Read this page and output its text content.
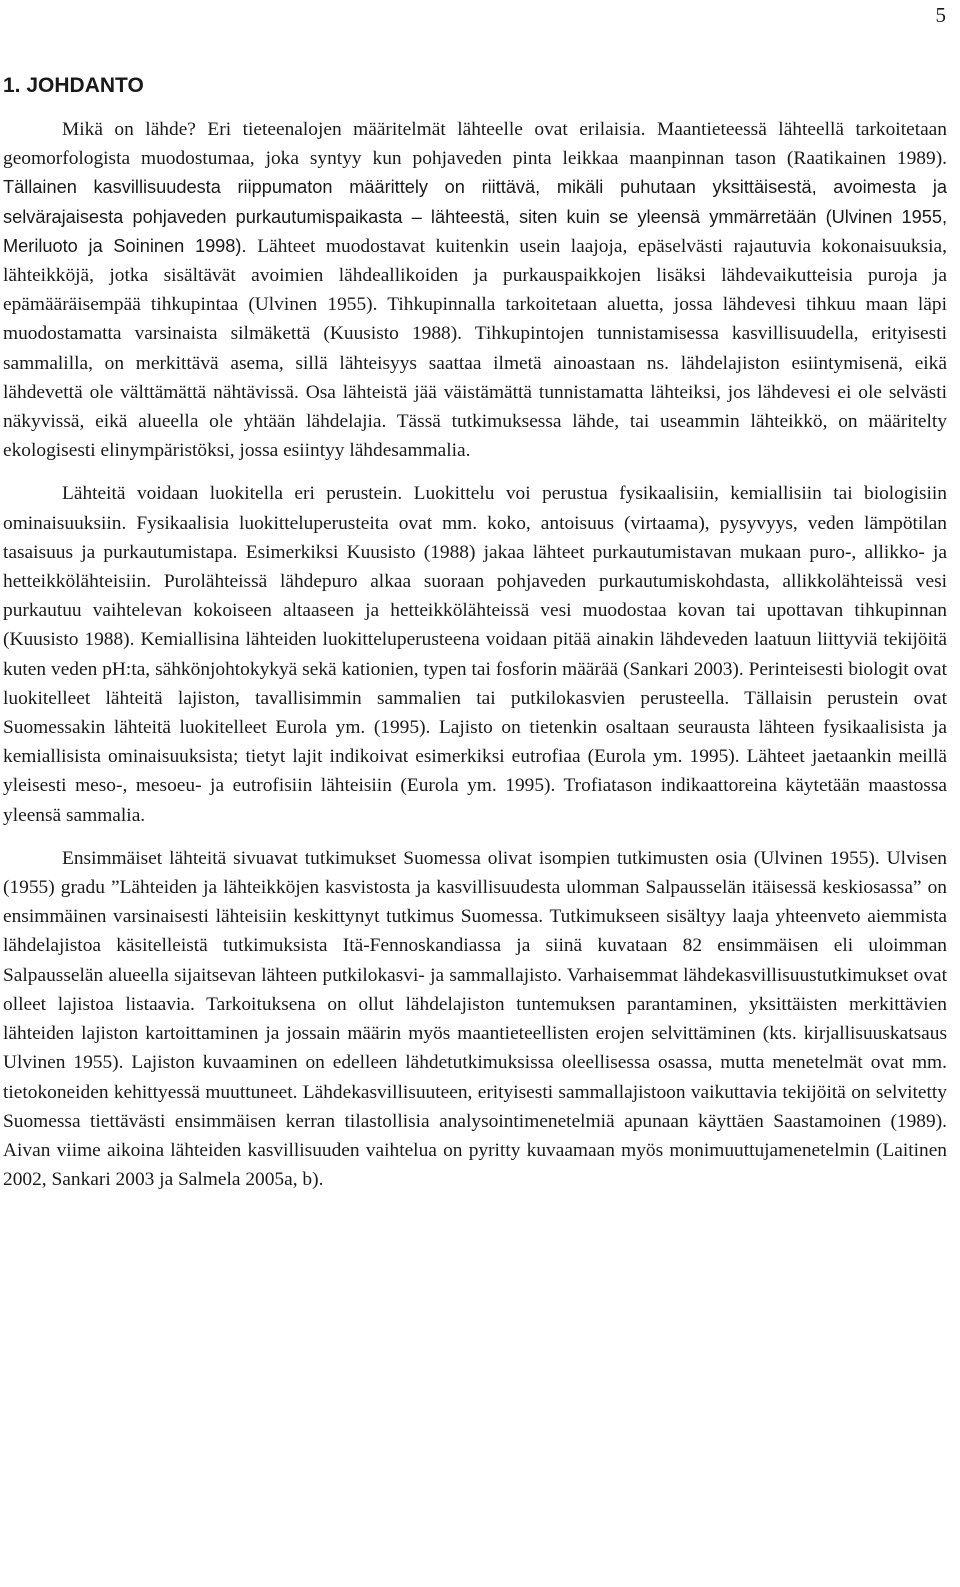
5
1. JOHDANTO

Mikä on lähde? Eri tieteenalojen määritelmät lähteelle ovat erilaisia. Maantieteessä lähteellä tarkoitetaan geomorfologista muodostumaa, joka syntyy kun pohjaveden pinta leikkaa maanpinnan tason (Raatikainen 1989). Tällainen kasvillisuudesta riippumaton määrittely on riittävä, mikäli puhutaan yksittäisestä, avoimesta ja selvärajaisesta pohjaveden purkautumispaikasta – lähteestä, siten kuin se yleensä ymmärretään (Ulvinen 1955, Meriluoto ja Soininen 1998). Lähteet muodostavat kuitenkin usein laajoja, epäselvästi rajautuvia kokonaisuuksia, lähteikköjä, jotka sisältävät avoimien lähdeallikoiden ja purkauspaikkojen lisäksi lähdevaikutteisia puroja ja epämääräisempää tihkupintaa (Ulvinen 1955). Tihkupinnalla tarkoitetaan aluetta, jossa lähdevesi tihkuu maan läpi muodostamatta varsinaista silmäkettä (Kuusisto 1988). Tihkupintojen tunnistamisessa kasvillisuudella, erityisesti sammalilla, on merkittävä asema, sillä lähteisyys saattaa ilmetä ainoastaan ns. lähdelajiston esiintymisenä, eikä lähdevettä ole välttämättä nähtävissä. Osa lähteistä jää väistämättä tunnistamatta lähteiksi, jos lähdevesi ei ole selvästi näkyvissä, eikä alueella ole yhtään lähdelajia. Tässä tutkimuksessa lähde, tai useammin lähteikkö, on määritelty ekologisesti elinympäristöksi, jossa esiintyy lähdesammalia.

Lähteitä voidaan luokitella eri perustein. Luokittelu voi perustua fysikaalisiin, kemiallisiin tai biologisiin ominaisuuksiin. Fysikaalisia luokitteluperusteita ovat mm. koko, antoisuus (virtaama), pysyvyys, veden lämpötilan tasaisuus ja purkautumistapa. Esimerkiksi Kuusisto (1988) jakaa lähteet purkautumistavan mukaan puro-, allikko- ja hetteikkölähteisiin. Purolähteissä lähdepuro alkaa suoraan pohjaveden purkautumiskohdasta, allikkolähteissä vesi purkautuu vaihtelevan kokoiseen altaaseen ja hetteikkölähteissä vesi muodostaa kovan tai upottavan tihkupinnan (Kuusisto 1988). Kemiallisina lähteiden luokitteluperusteena voidaan pitää ainakin lähdeveden laatuun liittyviä tekijöitä kuten veden pH:ta, sähkönjohtokykyä sekä kationien, typen tai fosforin määrää (Sankari 2003). Perinteisesti biologit ovat luokitelleet lähteitä lajiston, tavallisimmin sammalien tai putkilokasvien perusteella. Tällaisin perustein ovat Suomessakin lähteitä luokitelleet Eurola ym. (1995). Lajisto on tietenkin osaltaan seurausta lähteen fysikaalisista ja kemiallisista ominaisuuksista; tietyt lajit indikoivat esimerkiksi eutrofiaa (Eurola ym. 1995). Lähteet jaetaankin meillä yleisesti meso-, mesoeu- ja eutrofisiin lähteisiin (Eurola ym. 1995). Trofiatason indikaattoreina käytetään maastossa yleensä sammalia.

Ensimmäiset lähteitä sivuavat tutkimukset Suomessa olivat isompien tutkimusten osia (Ulvinen 1955). Ulvisen (1955) gradu ”Lähteiden ja lähteikköjen kasvistosta ja kasvillisuudesta ulomman Salpausselän itäisessä keskiosassa” on ensimmäinen varsinaisesti lähteisiin keskittynyt tutkimus Suomessa. Tutkimukseen sisältyy laaja yhteenveto aiemmista lähdelajistoa käsitelleistä tutkimuksista Itä-Fennoskandiassa ja siinä kuvataan 82 ensimmäisen eli uloimman Salpausselän alueella sijaitsevan lähteen putkilokasvi- ja sammallajisto. Varhaisemmat lähdekasvillisuustutkimukset ovat olleet lajistoa listaavia. Tarkoituksena on ollut lähdelajiston tuntemuksen parantaminen, yksittäisten merkittävien lähteiden lajiston kartoittaminen ja jossain määrin myös maantieteellisten erojen selvittäminen (kts. kirjallisuuskatsaus Ulvinen 1955). Lajiston kuvaaminen on edelleen lähdetutkimuksissa oleellisessa osassa, mutta menetelmät ovat mm. tietokoneiden kehittyessä muuttuneet. Lähdekasvillisuuteen, erityisesti sammallajistoon vaikuttavia tekijöitä on selvitetty Suomessa tiettävästi ensimmäisen kerran tilastollisia analysointimenetelmiä apunaan käyttäen Saastamoinen (1989). Aivan viime aikoina lähteiden kasvillisuuden vaihtelua on pyritty kuvaamaan myös monimuuttujamenetelmin (Laitinen 2002, Sankari 2003 ja Salmela 2005a, b).
